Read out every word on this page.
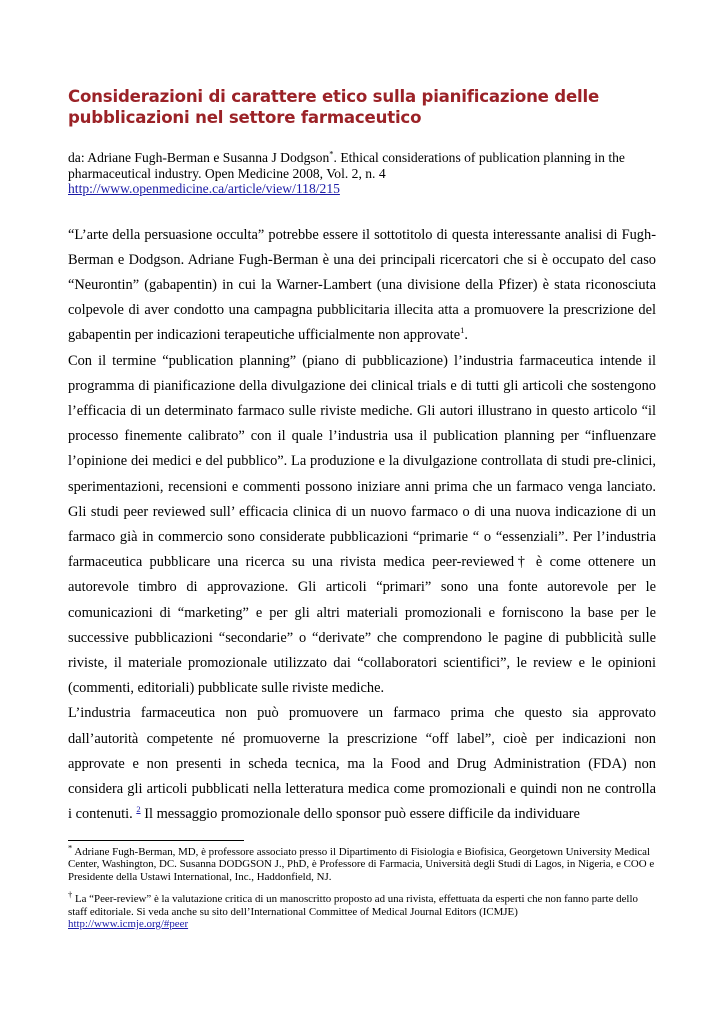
Considerazioni di carattere etico sulla pianificazione delle pubblicazioni nel settore farmaceutico

da: Adriane Fugh-Berman e Susanna J Dodgson*. Ethical considerations of publication planning in the pharmaceutical industry. Open Medicine 2008, Vol. 2, n. 4
http://www.openmedicine.ca/article/view/118/215

“L’arte della persuasione occulta” potrebbe essere il sottotitolo di questa interessante analisi di Fugh-Berman e Dodgson. Adriane Fugh-Berman è una dei principali ricercatori che si è occupato del caso “Neurontin” (gabapentin) in cui la Warner-Lambert (una divisione della Pfizer) è stata riconosciuta colpevole di aver condotto una campagna pubblicitaria illecita atta a promuovere la prescrizione del gabapentin per indicazioni terapeutiche ufficialmente non approvate$^1$.

Con il termine “publication planning” (piano di pubblicazione) l’industria farmaceutica intende il programma di pianificazione della divulgazione dei clinical trials e di tutti gli articoli che sostengono l’efficacia di un determinato farmaco sulle riviste mediche. Gli autori illustrano in questo articolo “il processo finemente calibrato” con il quale l’industria usa il publication planning per “influenzare l’opinione dei medici e del pubblico”. La produzione e la divulgazione controllata di studi pre-clinici, sperimentazioni, recensioni e commenti possono iniziare anni prima che un farmaco venga lanciato. Gli studi peer reviewed sull’ efficacia clinica di un nuovo farmaco o di una nuova indicazione di un farmaco già in commercio sono considerate pubblicazioni “primarie “ o “essenziali”. Per l’industria farmaceutica pubblicare una ricerca su una rivista medica peer-reviewed† è come ottenere un autorevole timbro di approvazione. Gli articoli “primari” sono una fonte autorevole per le comunicazioni di “marketing” e per gli altri materiali promozionali e forniscono la base per le successive pubblicazioni “secondarie” o “derivate” che comprendono le pagine di pubblicità sulle riviste, il materiale promozionale utilizzato dai “collaboratori scientifici”, le review e le opinioni (commenti, editoriali) pubblicate sulle riviste mediche.

L’industria farmaceutica non può promuovere un farmaco prima che questo sia approvato dall’autorità competente né promuoverne la prescrizione “off label”, cioè per indicazioni non approvate e non presenti in scheda tecnica, ma la Food and Drug Administration (FDA) non considera gli articoli pubblicati nella letteratura medica come promozionali e quindi non ne controlla i contenuti. $^2$ Il messaggio promozionale dello sponsor può essere difficile da individuare

* Adriane Fugh-Berman, MD, è professore associato presso il Dipartimento di Fisiologia e Biofisica, Georgetown University Medical Center, Washington, DC. Susanna DODGSON J., PhD, è Professore di Farmacia, Università degli Studi di Lagos, in Nigeria, e COO e Presidente della Ustawi International, Inc., Haddonfield, NJ.

† La “Peer-review” è la valutazione critica di un manoscritto proposto ad una rivista, effettuata da esperti che non fanno parte dello staff editoriale. Si veda anche su sito dell’International Committee of Medical Journal Editors (ICMJE)
http://www.icmje.org/#peer
